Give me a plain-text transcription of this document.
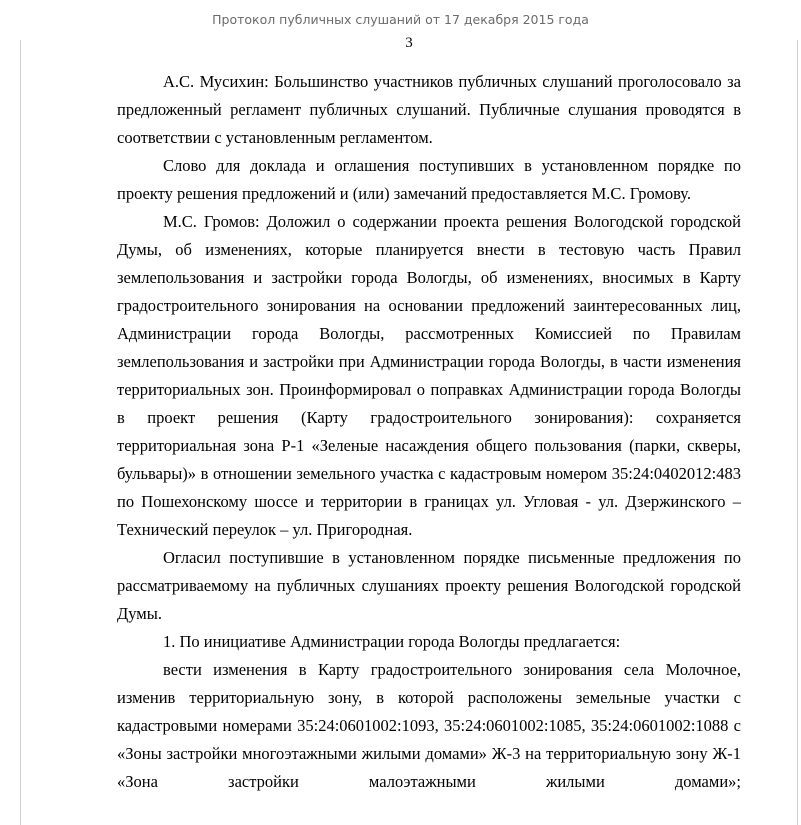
Протокол публичных слушаний от 17 декабря 2015 года
3

А.С. Мусихин: Большинство участников публичных слушаний проголосовало за предложенный регламент публичных слушаний. Публичные слушания проводятся в соответствии с установленным регламентом.

Слово для доклада и оглашения поступивших в установленном порядке по проекту решения предложений и (или) замечаний предоставляется М.С. Громову.

М.С. Громов: Доложил о содержании проекта решения Вологодской городской Думы, об изменениях, которые планируется внести в тестовую часть Правил землепользования и застройки города Вологды, об изменениях, вносимых в Карту градостроительного зонирования на основании предложений заинтересованных лиц, Администрации города Вологды, рассмотренных Комиссией по Правилам землепользования и застройки при Администрации города Вологды, в части изменения территориальных зон. Проинформировал о поправках Администрации города Вологды в проект решения (Карту градостроительного зонирования): сохраняется территориальная зона Р-1 «Зеленые насаждения общего пользования (парки, скверы, бульвары)» в отношении земельного участка с кадастровым номером 35:24:0402012:483 по Пошехонскому шоссе и территории в границах ул. Угловая - ул. Дзержинского – Технический переулок – ул. Пригородная.

Огласил поступившие в установленном порядке письменные предложения по рассматриваемому на публичных слушаниях проекту решения Вологодской городской Думы.

1. По инициативе Администрации города Вологды предлагается:

вести изменения в Карту градостроительного зонирования села Молочное, изменив территориальную зону, в которой расположены земельные участки с кадастровыми номерами 35:24:0601002:1093, 35:24:0601002:1085, 35:24:0601002:1088 с «Зоны застройки многоэтажными жилыми домами» Ж-3 на территориальную зону Ж-1 «Зона застройки малоэтажными жилыми домами»;
